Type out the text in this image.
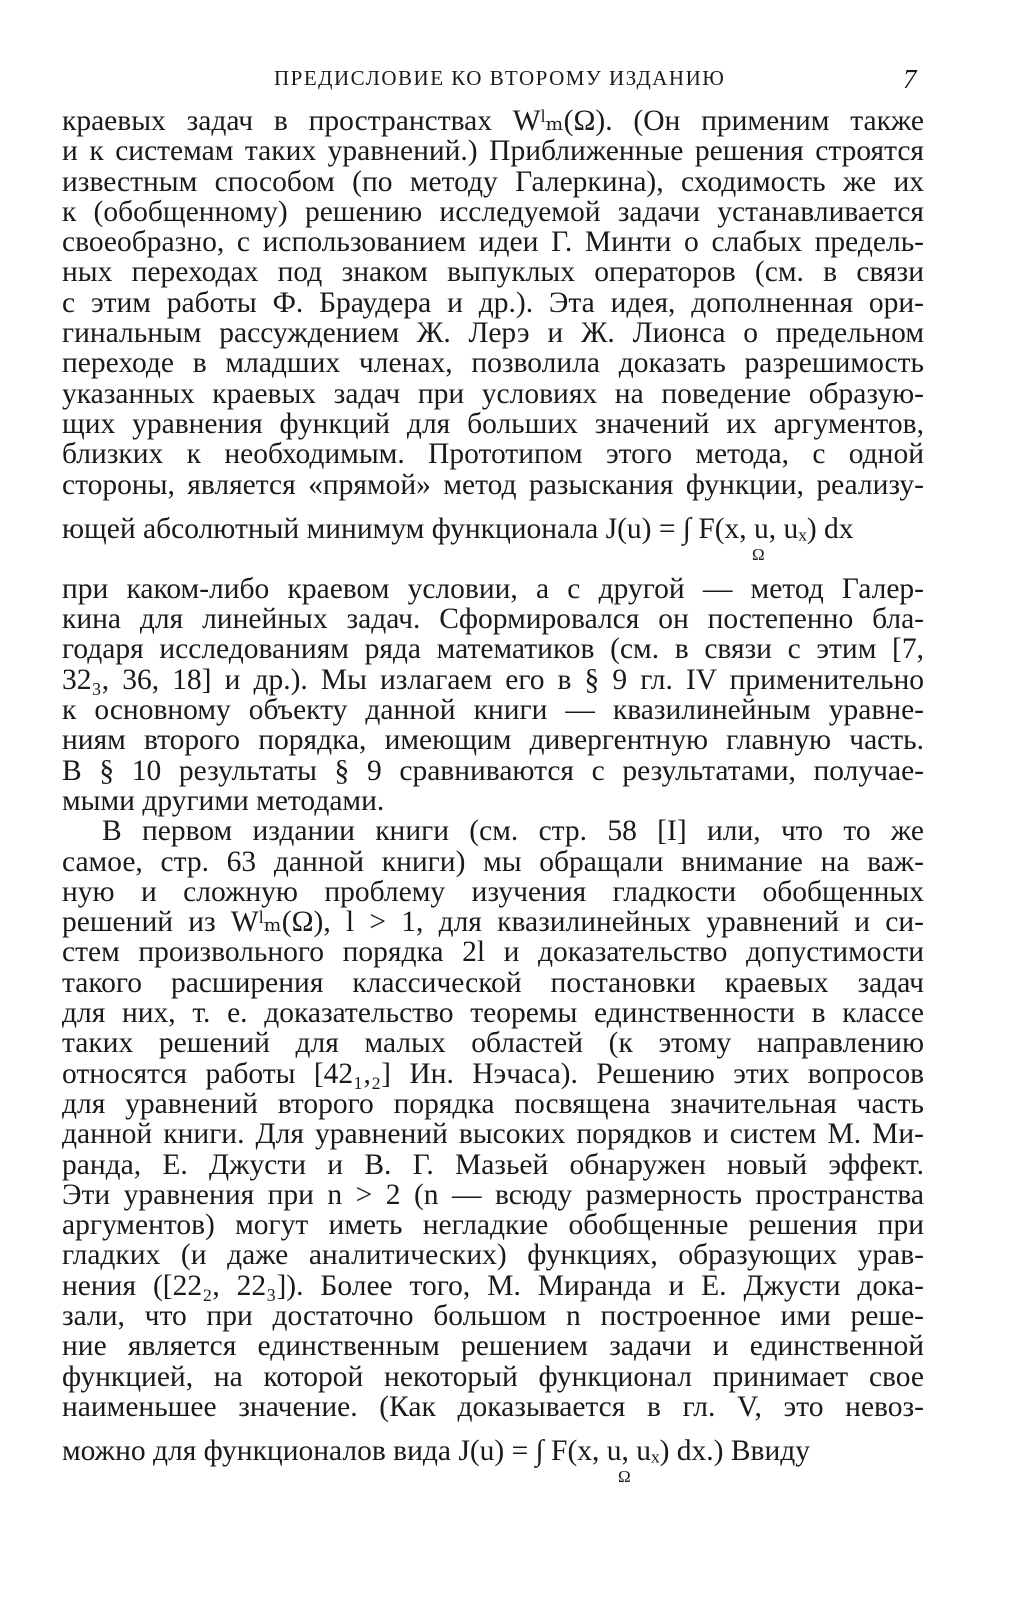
ПРЕДИСЛОВИЕ КО ВТОРОМУ ИЗДАНИЮ	7
краевых задач в пространствах Wˡₘ(Ω). (Он применим также
и к системам таких уравнений.) Приближенные решения строятся
известным способом (по методу Галеркина), сходимость же их
к (обобщенному) решению исследуемой задачи устанавливается
своеобразно, с использованием идеи Г. Минти о слабых предель-
ных переходах под знаком выпуклых операторов (см. в связи
с этим работы Ф. Браудера и др.). Эта идея, дополненная ори-
гинальным рассуждением Ж. Лерэ и Ж. Лионса о предельном
переходе в младших членах, позволила доказать разрешимость
указанных краевых задач при условиях на поведение образую-
щих уравнения функций для больших значений их аргументов,
близких к необходимым. Прототипом этого метода, с одной
стороны, является «прямой» метод разыскания функции, реализу-
ющей абсолютный минимум функционала J(u) = ∫ F(x, u, uₓ) dx
Ω
при каком-либо краевом условии, а с другой — метод Галер-
кина для линейных задач. Сформировался он постепенно бла-
годаря исследованиям ряда математиков (см. в связи с этим [7,
32₃, 36, 18] и др.). Мы излагаем его в § 9 гл. IV применительно
к основному объекту данной книги — квазилинейным уравне-
ниям второго порядка, имеющим дивергентную главную часть.
В § 10 результаты § 9 сравниваются с результатами, получае-
мыми другими методами.
В первом издании книги (см. стр. 58 [I] или, что то же
самое, стр. 63 данной книги) мы обращали внимание на важ-
ную и сложную проблему изучения гладкости обобщенных
решений из Wˡₘ(Ω), l > 1, для квазилинейных уравнений и си-
стем произвольного порядка 2l и доказательство допустимости
такого расширения классической постановки краевых задач
для них, т. е. доказательство теоремы единственности в классе
таких решений для малых областей (к этому направлению
относятся работы [42₁,₂] Ин. Нэчаса). Решению этих вопросов
для уравнений второго порядка посвящена значительная часть
данной книги. Для уравнений высоких порядков и систем М. Ми-
ранда, Е. Джусти и В. Г. Мазьей обнаружен новый эффект.
Эти уравнения при n > 2 (n — всюду размерность пространства
аргументов) могут иметь негладкие обобщенные решения при
гладких (и даже аналитических) функциях, образующих урав-
нения ([22₂, 22₃]). Более того, М. Миранда и Е. Джусти дока-
зали, что при достаточно большом n построенное ими реше-
ние является единственным решением задачи и единственной
функцией, на которой некоторый функционал принимает свое
наименьшее значение. (Как доказывается в гл. V, это невоз-
можно для функционалов вида J(u) = ∫ F(x, u, uₓ) dx.) Ввиду
Ω
